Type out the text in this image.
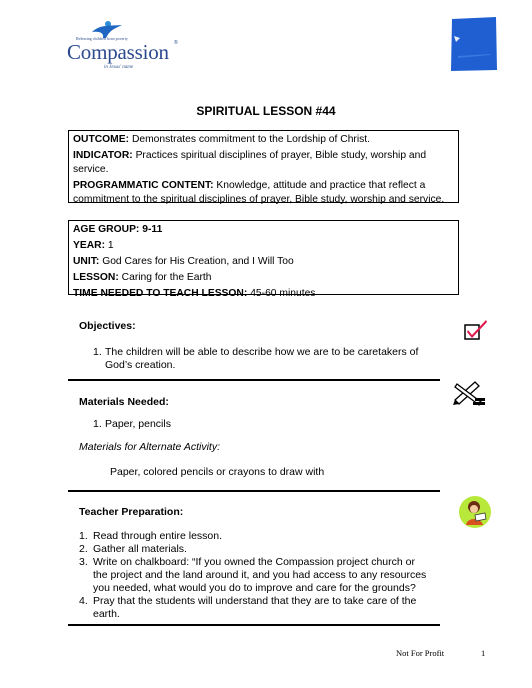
Releasing children from poverty
Compassion ®
in Jesus' name
SPIRITUAL LESSON #44

OUTCOME: Demonstrates commitment to the Lordship of Christ.

INDICATOR: Practices spiritual disciplines of prayer, Bible study, worship and service.

PROGRAMMATIC CONTENT: Knowledge, attitude and practice that reflect a commitment to the spiritual disciplines of prayer, Bible study, worship and service.

AGE GROUP: 9-11

YEAR: 1

UNIT: God Cares for His Creation, and I Will Too

LESSON: Caring for the Earth

TIME NEEDED TO TEACH LESSON: 45-60 minutes

Objectives:
1. The children will be able to describe how we are to be caretakers of God’s creation.
Materials Needed:
1. Paper, pencils
Materials for Alternate Activity:
Paper, colored pencils or crayons to draw with
Teacher Preparation:
1. Read through entire lesson.
2. Gather all materials.
3. Write on chalkboard: “If you owned the Compassion project church or the project and the land around it, and you had access to any resources you needed, what would you do to improve and care for the grounds?
4. Pray that the students will understand that they are to take care of the earth.
Not For Profit	1
